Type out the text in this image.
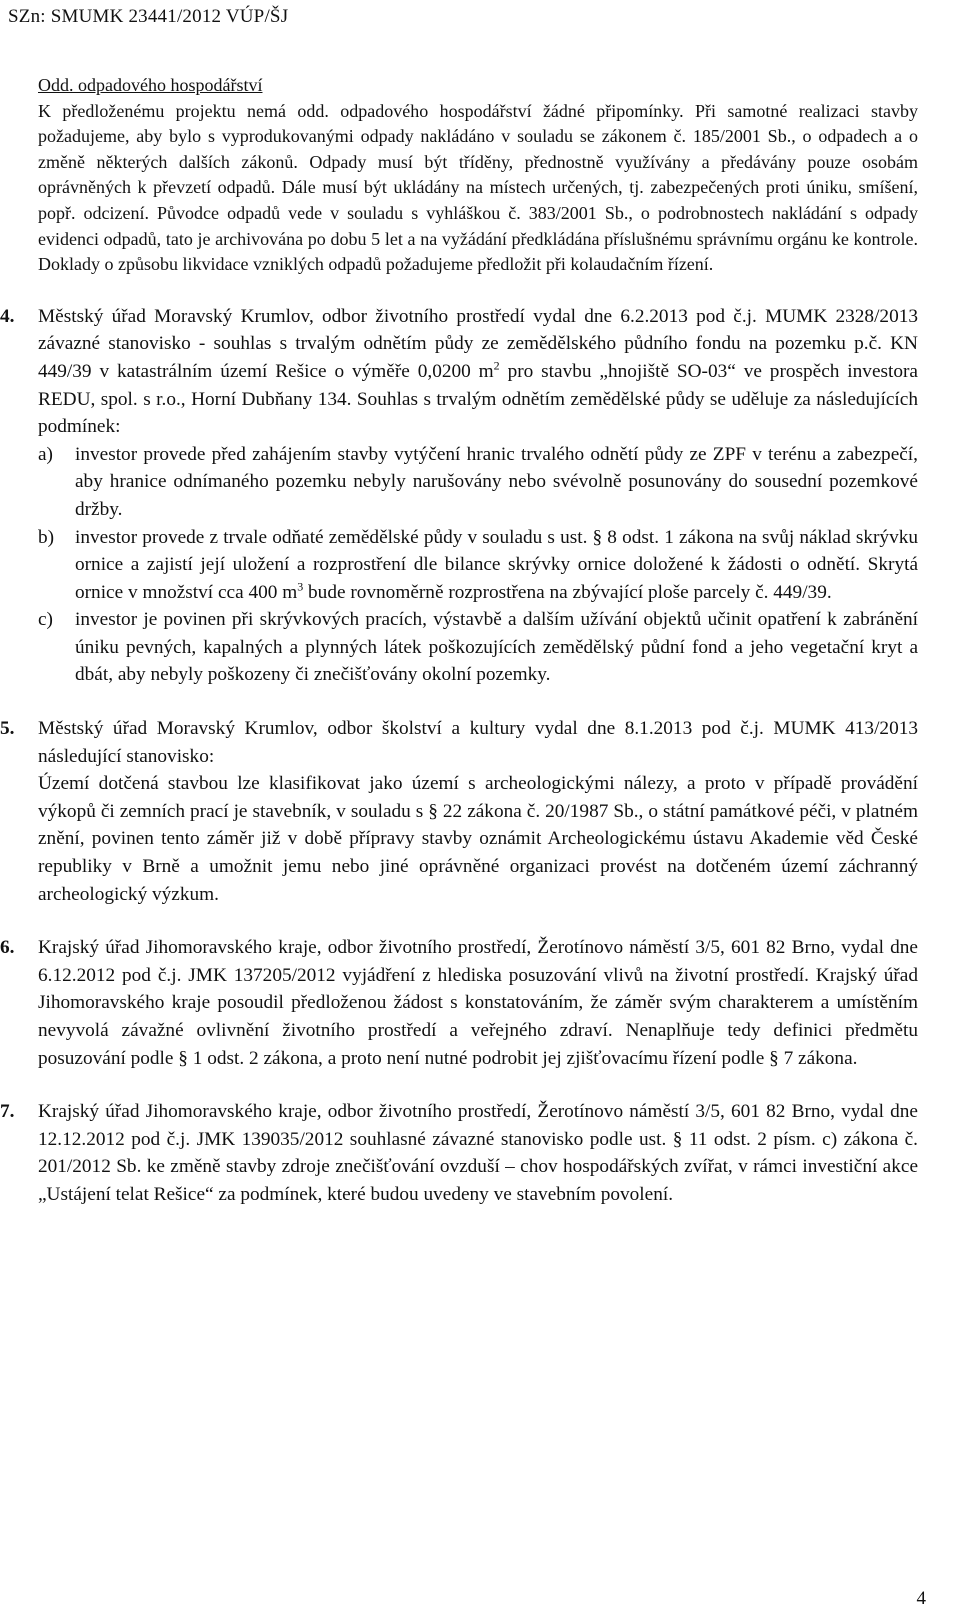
SZn: SMUMK 23441/2012 VÚP/ŠJ
Odd. odpadového hospodářství

K předloženému projektu nemá odd. odpadového hospodářství žádné připomínky. Při samotné realizaci stavby požadujeme, aby bylo s vyprodukovanými odpady nakládáno v souladu se zákonem č. 185/2001 Sb., o odpadech a o změně některých dalších zákonů. Odpady musí být tříděny, přednostně využívány a předávány pouze osobám oprávněných k převzetí odpadů. Dále musí být ukládány na místech určených, tj. zabezpečených proti úniku, smíšení, popř. odcizení. Původce odpadů vede v souladu s vyhláškou č. 383/2001 Sb., o podrobnostech nakládání s odpady evidenci odpadů, tato je archivována po dobu 5 let a na vyžádání předkládána příslušnému správnímu orgánu ke kontrole. Doklady o způsobu likvidace vzniklých odpadů požadujeme předložit při kolaudačním řízení.

4. Městský úřad Moravský Krumlov, odbor životního prostředí vydal dne 6.2.2013 pod č.j. MUMK 2328/2013 závazné stanovisko - souhlas s trvalým odnětím půdy ze zemědělského půdního fondu na pozemku p.č. KN 449/39 v katastrálním území Rešice o výměře 0,0200 $m^2$ pro stavbu „hnojiště SO-03“ ve prospěch investora REDU, spol. s r.o., Horní Dubňany 134. Souhlas s trvalým odnětím zemědělské půdy se uděluje za následujících podmínek:

a) investor provede před zahájením stavby vytýčení hranic trvalého odnětí půdy ze ZPF v terénu a zabezpečí, aby hranice odnímaného pozemku nebyly narušovány nebo svévolně posunovány do sousední pozemkové držby.
b) investor provede z trvale odňaté zemědělské půdy v souladu s ust. § 8 odst. 1 zákona na svůj náklad skrývku ornice a zajistí její uložení a rozprostření dle bilance skrývky ornice doložené k žádosti o odnětí. Skrytá ornice v množství cca 400 $m^3$ bude rovnoměrně rozprostřena na zbývající ploše parcely č. 449/39.
c) investor je povinen při skrývkových pracích, výstavbě a dalším užívání objektů učinit opatření k zabránění úniku pevných, kapalných a plynných látek poškozujících zemědělský půdní fond a jeho vegetační kryt a dbát, aby nebyly poškozeny či znečišťovány okolní pozemky.
5. Městský úřad Moravský Krumlov, odbor školství a kultury vydal dne 8.1.2013 pod č.j. MUMK 413/2013 následující stanovisko:

Území dotčená stavbou lze klasifikovat jako území s archeologickými nálezy, a proto v případě provádění výkopů či zemních prací je stavebník, v souladu s § 22 zákona č. 20/1987 Sb., o státní památkové péči, v platném znění, povinen tento záměr již v době přípravy stavby oznámit Archeologickému ústavu Akademie věd České republiky v Brně a umožnit jemu nebo jiné oprávněné organizaci provést na dotčeném území záchranný archeologický výzkum.

6. Krajský úřad Jihomoravského kraje, odbor životního prostředí, Žerotínovo náměstí 3/5, 601 82 Brno, vydal dne 6.12.2012 pod č.j. JMK 137205/2012 vyjádření z hlediska posuzování vlivů na životní prostředí. Krajský úřad Jihomoravského kraje posoudil předloženou žádost s konstatováním, že záměr svým charakterem a umístěním nevyvolá závažné ovlivnění životního prostředí a veřejného zdraví. Nenaplňuje tedy definici předmětu posuzování podle § 1 odst. 2 zákona, a proto není nutné podrobit jej zjišťovacímu řízení podle § 7 zákona.

7. Krajský úřad Jihomoravského kraje, odbor životního prostředí, Žerotínovo náměstí 3/5, 601 82 Brno, vydal dne 12.12.2012 pod č.j. JMK 139035/2012 souhlasné závazné stanovisko podle ust. § 11 odst. 2 písm. c) zákona č. 201/2012 Sb. ke změně stavby zdroje znečišťování ovzduší – chov hospodářských zvířat, v rámci investiční akce „Ustájení telat Rešice“ za podmínek, které budou uvedeny ve stavebním povolení.

4
